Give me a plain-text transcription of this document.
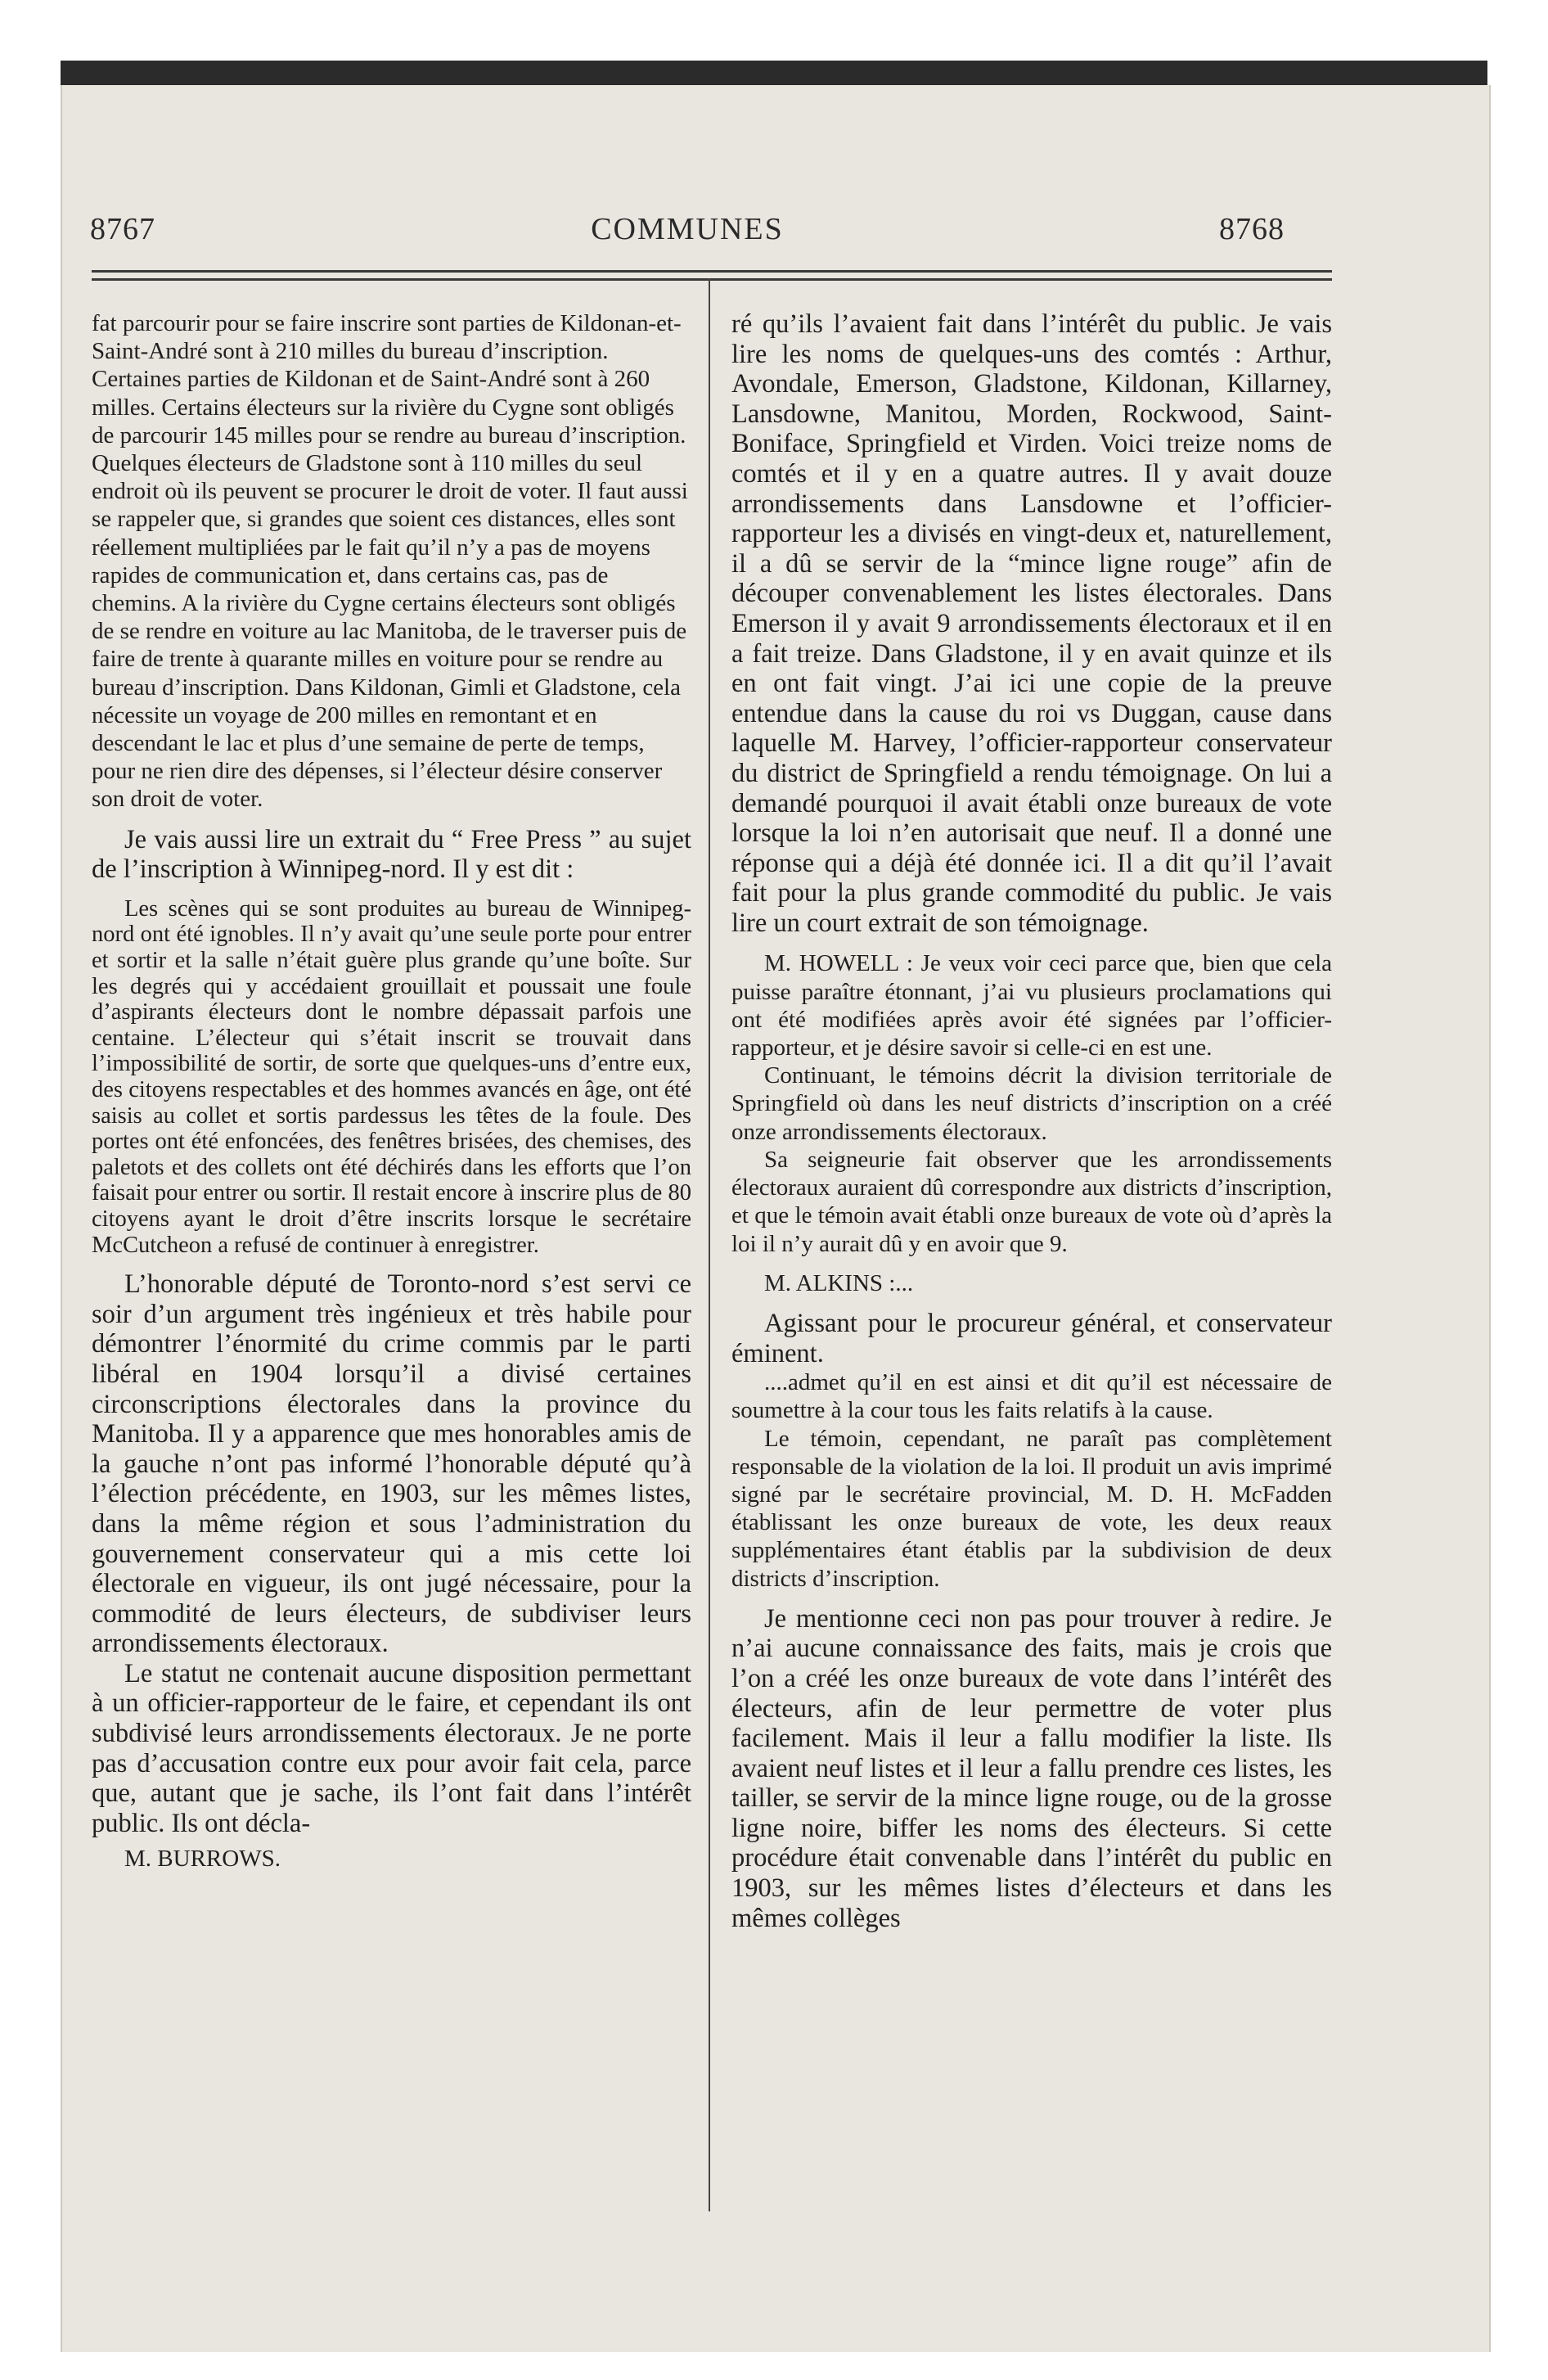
8767	COMMUNES	8768

fat parcourir pour se faire inscrire sont parties de Kildonan-et-Saint-André sont à 210 milles du bureau d’inscription. Certaines parties de Kildonan et de Saint-André sont à 260 milles. Certains électeurs sur la rivière du Cygne sont obligés de parcourir 145 milles pour se rendre au bureau d’inscription. Quelques électeurs de Gladstone sont à 110 milles du seul endroit où ils peuvent se procurer le droit de voter. Il faut aussi se rappeler que, si grandes que soient ces distances, elles sont réellement multipliées par le fait qu’il n’y a pas de moyens rapides de communication et, dans certains cas, pas de chemins. A la rivière du Cygne certains électeurs sont obligés de se rendre en voiture au lac Manitoba, de le traverser puis de faire de trente à quarante milles en voiture pour se rendre au bureau d’inscription. Dans Kildonan, Gimli et Gladstone, cela nécessite un voyage de 200 milles en remontant et en descendant le lac et plus d’une semaine de perte de temps, pour ne rien dire des dépenses, si l’électeur désire conserver son droit de voter.

Je vais aussi lire un extrait du “ Free Press ” au sujet de l’inscription à Winnipeg-nord. Il y est dit :

Les scènes qui se sont produites au bureau de Winnipeg-nord ont été ignobles. Il n’y avait qu’une seule porte pour entrer et sortir et la salle n’était guère plus grande qu’une boîte. Sur les degrés qui y accédaient grouillait et poussait une foule d’aspirants électeurs dont le nombre dépassait parfois une centaine. L’électeur qui s’était inscrit se trouvait dans l’impossibilité de sortir, de sorte que quelques-uns d’entre eux, des citoyens respectables et des hommes avancés en âge, ont été saisis au collet et sortis pardessus les têtes de la foule. Des portes ont été enfoncées, des fenêtres brisées, des chemises, des paletots et des collets ont été déchirés dans les efforts que l’on faisait pour entrer ou sortir. Il restait encore à inscrire plus de 80 citoyens ayant le droit d’être inscrits lorsque le secrétaire McCutcheon a refusé de continuer à enregistrer.

L’honorable député de Toronto-nord s’est servi ce soir d’un argument très ingénieux et très habile pour démontrer l’énormité du crime commis par le parti libéral en 1904 lorsqu’il a divisé certaines circonscriptions électorales dans la province du Manitoba. Il y a apparence que mes honorables amis de la gauche n’ont pas informé l’honorable député qu’à l’élection précédente, en 1903, sur les mêmes listes, dans la même région et sous l’administration du gouvernement conservateur qui a mis cette loi électorale en vigueur, ils ont jugé nécessaire, pour la commodité de leurs électeurs, de subdiviser leurs arrondissements électoraux.

Le statut ne contenait aucune disposition permettant à un officier-rapporteur de le faire, et cependant ils ont subdivisé leurs arrondissements électoraux. Je ne porte pas d’accusation contre eux pour avoir fait cela, parce que, autant que je sache, ils l’ont fait dans l’intérêt public. Ils ont décla-

M. BURROWS.

ré qu’ils l’avaient fait dans l’intérêt du public. Je vais lire les noms de quelques-uns des comtés : Arthur, Avondale, Emerson, Gladstone, Kildonan, Killarney, Lansdowne, Manitou, Morden, Rockwood, Saint-Boniface, Springfield et Virden. Voici treize noms de comtés et il y en a quatre autres. Il y avait douze arrondissements dans Lansdowne et l’officier-rapporteur les a divisés en vingt-deux et, naturellement, il a dû se servir de la “mince ligne rouge” afin de découper convenablement les listes électorales. Dans Emerson il y avait 9 arrondissements électoraux et il en a fait treize. Dans Gladstone, il y en avait quinze et ils en ont fait vingt. J’ai ici une copie de la preuve entendue dans la cause du roi vs Duggan, cause dans laquelle M. Harvey, l’officier-rapporteur conservateur du district de Springfield a rendu témoignage. On lui a demandé pourquoi il avait établi onze bureaux de vote lorsque la loi n’en autorisait que neuf. Il a donné une réponse qui a déjà été donnée ici. Il a dit qu’il l’avait fait pour la plus grande commodité du public. Je vais lire un court extrait de son témoignage.

M. HOWELL : Je veux voir ceci parce que, bien que cela puisse paraître étonnant, j’ai vu plusieurs proclamations qui ont été modifiées après avoir été signées par l’officier-rapporteur, et je désire savoir si celle-ci en est une.

Continuant, le témoins décrit la division territoriale de Springfield où dans les neuf districts d’inscription on a créé onze arrondissements électoraux.

Sa seigneurie fait observer que les arrondissements électoraux auraient dû correspondre aux districts d’inscription, et que le témoin avait établi onze bureaux de vote où d’après la loi il n’y aurait dû y en avoir que 9.

M. ALKINS :...

Agissant pour le procureur général, et conservateur éminent.

....admet qu’il en est ainsi et dit qu’il est nécessaire de soumettre à la cour tous les faits relatifs à la cause.

Le témoin, cependant, ne paraît pas complètement responsable de la violation de la loi. Il produit un avis imprimé signé par le secrétaire provincial, M. D. H. McFadden établissant les onze bureaux de vote, les deux reaux supplémentaires étant établis par la subdivision de deux districts d’inscription.

Je mentionne ceci non pas pour trouver à redire. Je n’ai aucune connaissance des faits, mais je crois que l’on a créé les onze bureaux de vote dans l’intérêt des électeurs, afin de leur permettre de voter plus facilement. Mais il leur a fallu modifier la liste. Ils avaient neuf listes et il leur a fallu prendre ces listes, les tailler, se servir de la mince ligne rouge, ou de la grosse ligne noire, biffer les noms des électeurs. Si cette procédure était convenable dans l’intérêt du public en 1903, sur les mêmes listes d’électeurs et dans les mêmes collèges
